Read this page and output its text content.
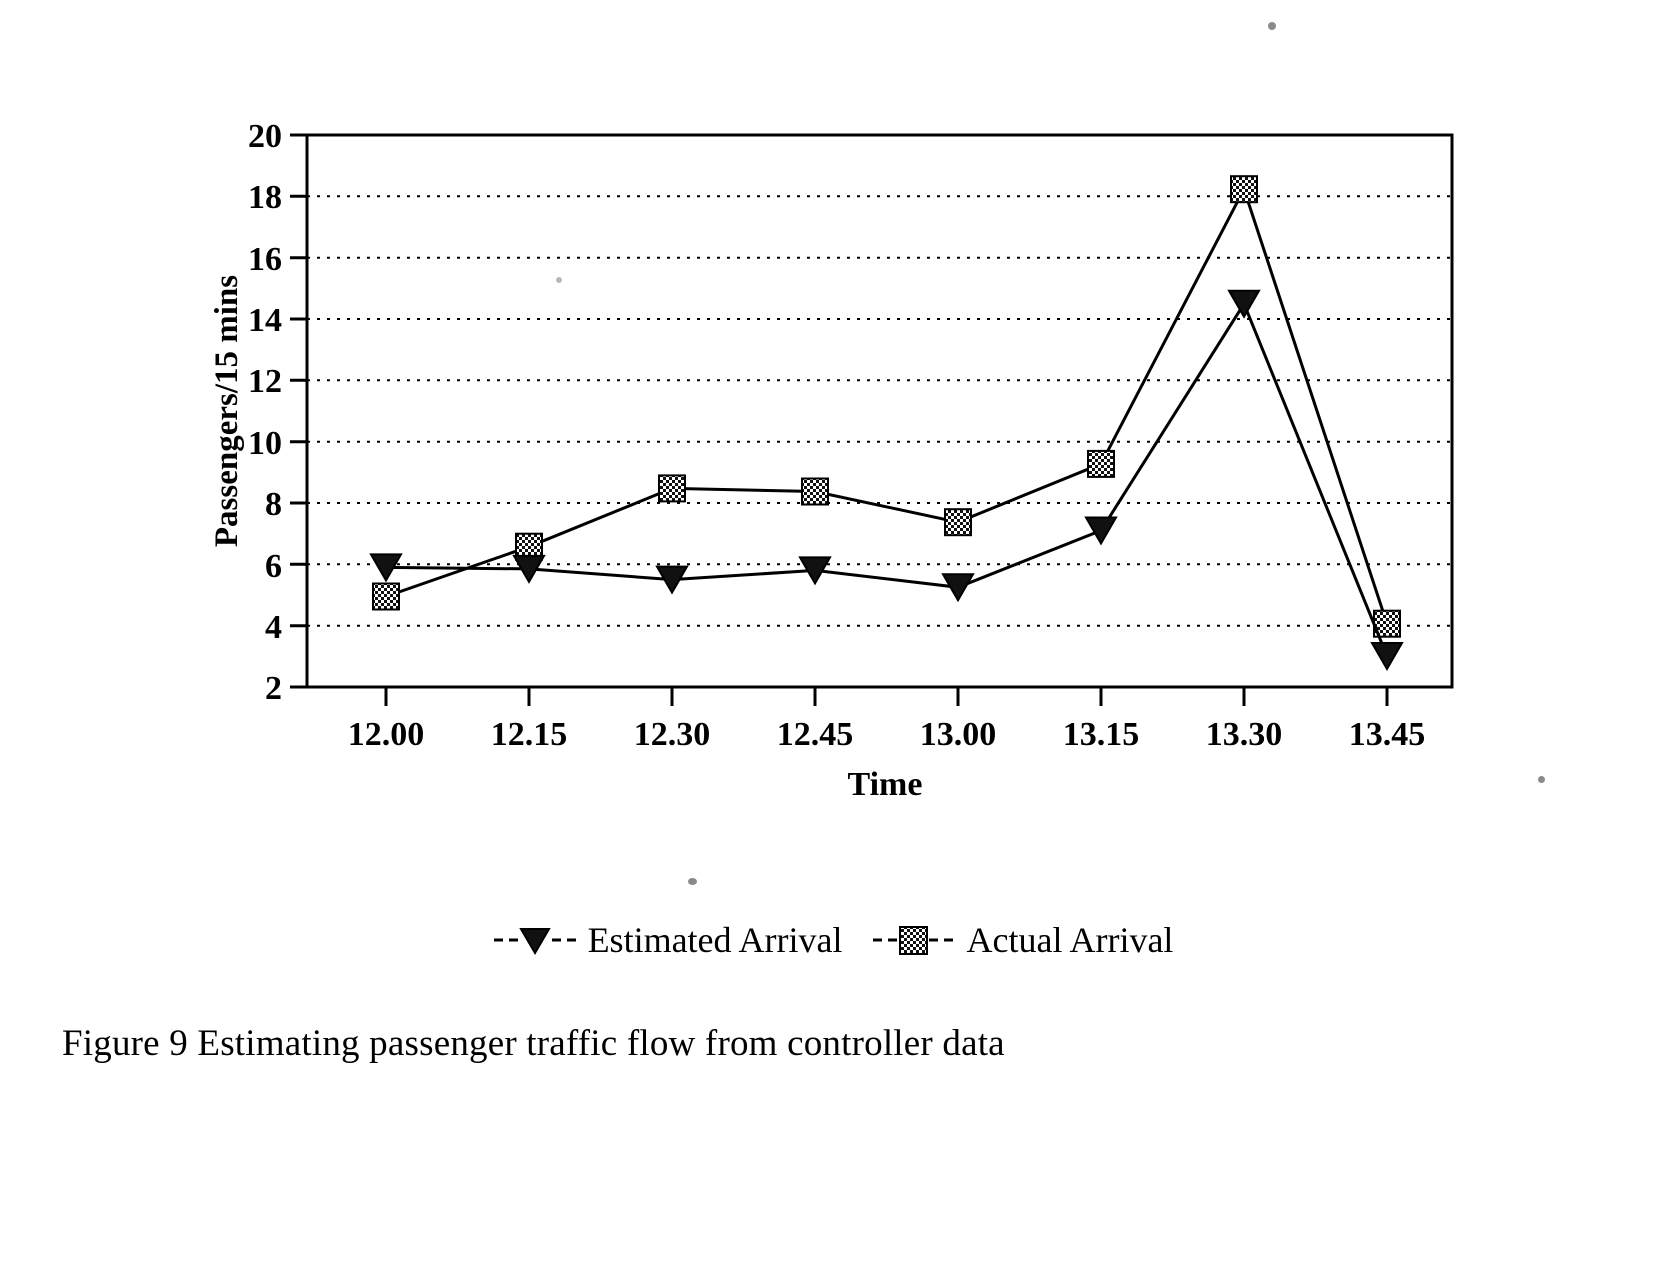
2
4
6
8
10
12
14
16
18
20
12.00 12.15 12.30 12.45 13.00 13.15 13.30 13.45
Time
Passengers/15 mins
Estimated Arrival	Actual Arrival
Figure 9 Estimating passenger traffic flow from controller data
